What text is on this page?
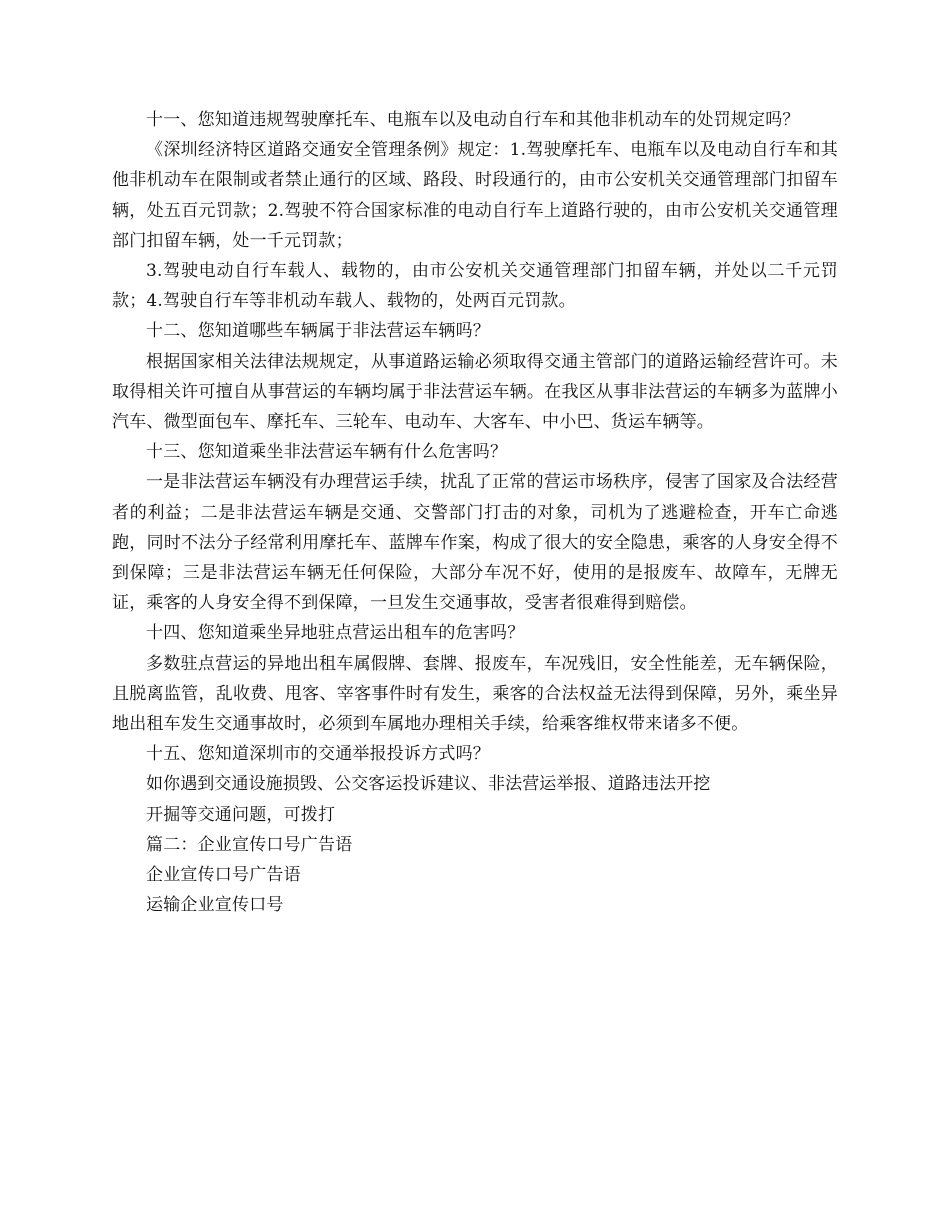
十一、您知道违规驾驶摩托车、电瓶车以及电动自行车和其他非机动车的处罚规定吗？

《深圳经济特区道路交通安全管理条例》规定：1.驾驶摩托车、电瓶车以及电动自行车和其他非机动车在限制或者禁止通行的区域、路段、时段通行的，由市公安机关交通管理部门扣留车辆，处五百元罚款；2.驾驶不符合国家标准的电动自行车上道路行驶的，由市公安机关交通管理部门扣留车辆，处一千元罚款；

3.驾驶电动自行车载人、载物的，由市公安机关交通管理部门扣留车辆，并处以二千元罚款；4.驾驶自行车等非机动车载人、载物的，处两百元罚款。

十二、您知道哪些车辆属于非法营运车辆吗？

根据国家相关法律法规规定，从事道路运输必须取得交通主管部门的道路运输经营许可。未取得相关许可擅自从事营运的车辆均属于非法营运车辆。在我区从事非法营运的车辆多为蓝牌小汽车、微型面包车、摩托车、三轮车、电动车、大客车、中小巴、货运车辆等。

十三、您知道乘坐非法营运车辆有什么危害吗？

一是非法营运车辆没有办理营运手续，扰乱了正常的营运市场秩序，侵害了国家及合法经营者的利益；二是非法营运车辆是交通、交警部门打击的对象，司机为了逃避检查，开车亡命逃跑，同时不法分子经常利用摩托车、蓝牌车作案，构成了很大的安全隐患，乘客的人身安全得不到保障；三是非法营运车辆无任何保险，大部分车况不好，使用的是报废车、故障车，无牌无证，乘客的人身安全得不到保障，一旦发生交通事故，受害者很难得到赔偿。

十四、您知道乘坐异地驻点营运出租车的危害吗？

多数驻点营运的异地出租车属假牌、套牌、报废车，车况残旧，安全性能差，无车辆保险，且脱离监管，乱收费、甩客、宰客事件时有发生，乘客的合法权益无法得到保障，另外，乘坐异地出租车发生交通事故时，必须到车属地办理相关手续，给乘客维权带来诸多不便。

十五、您知道深圳市的交通举报投诉方式吗？

如你遇到交通设施损毁、公交客运投诉建议、非法营运举报、道路违法开挖

开掘等交通问题，可拨打

篇二：企业宣传口号广告语

企业宣传口号广告语

运输企业宣传口号
